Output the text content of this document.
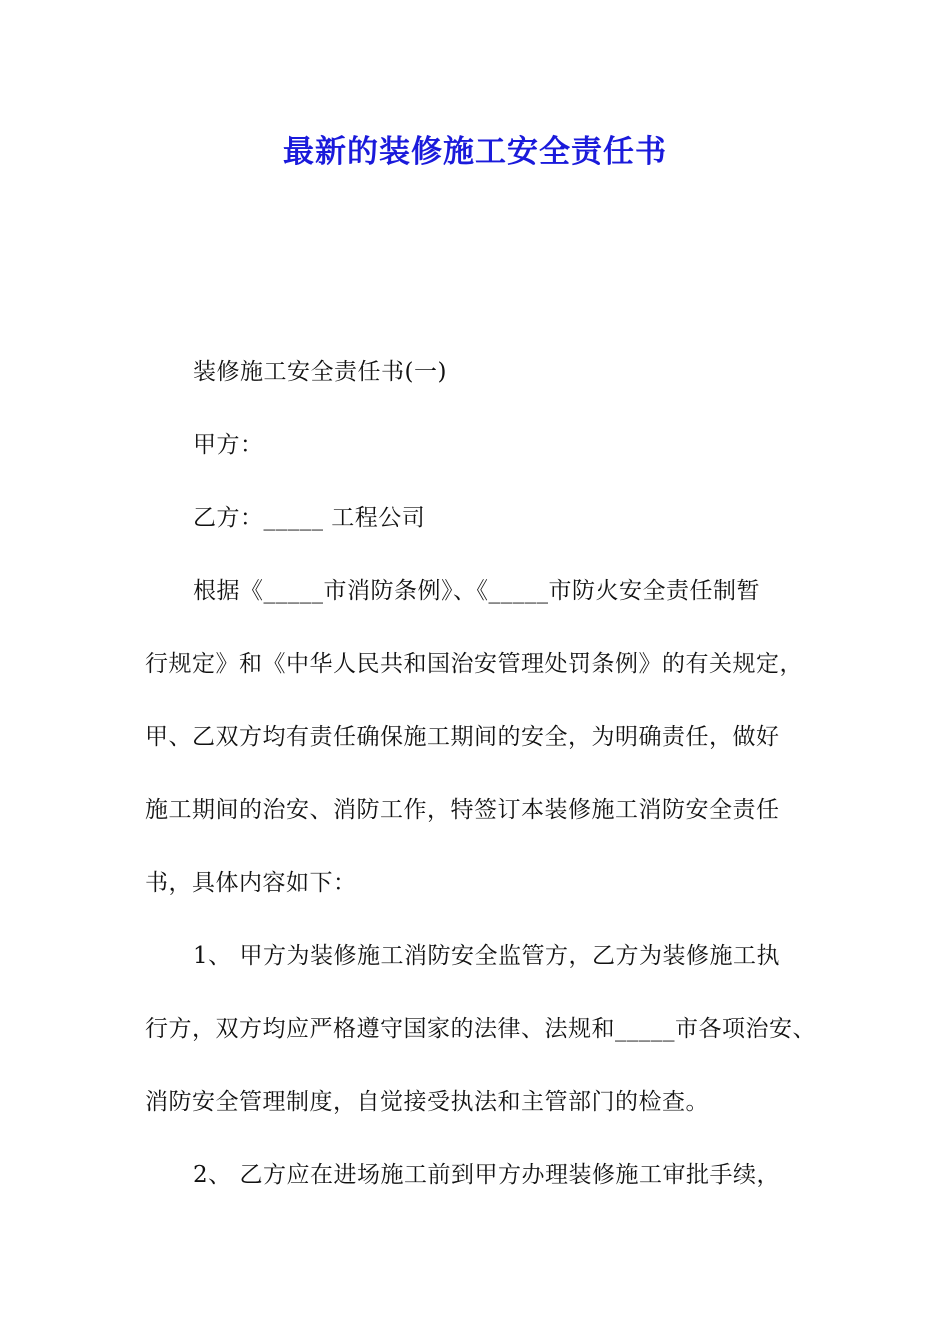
最新的装修施工安全责任书
装修施工安全责任书(一)
甲方：
乙方：_____ 工程公司
根据《_____市消防条例》、《_____市防火安全责任制暂
行规定》和《中华人民共和国治安管理处罚条例》的有关规定，
甲、乙双方均有责任确保施工期间的安全，为明确责任，做好
施工期间的治安、消防工作，特签订本装修施工消防安全责任
书，具体内容如下：
1、 甲方为装修施工消防安全监管方，乙方为装修施工执
行方，双方均应严格遵守国家的法律、法规和_____市各项治安、
消防安全管理制度，自觉接受执法和主管部门的检查。
2、 乙方应在进场施工前到甲方办理装修施工审批手续，
